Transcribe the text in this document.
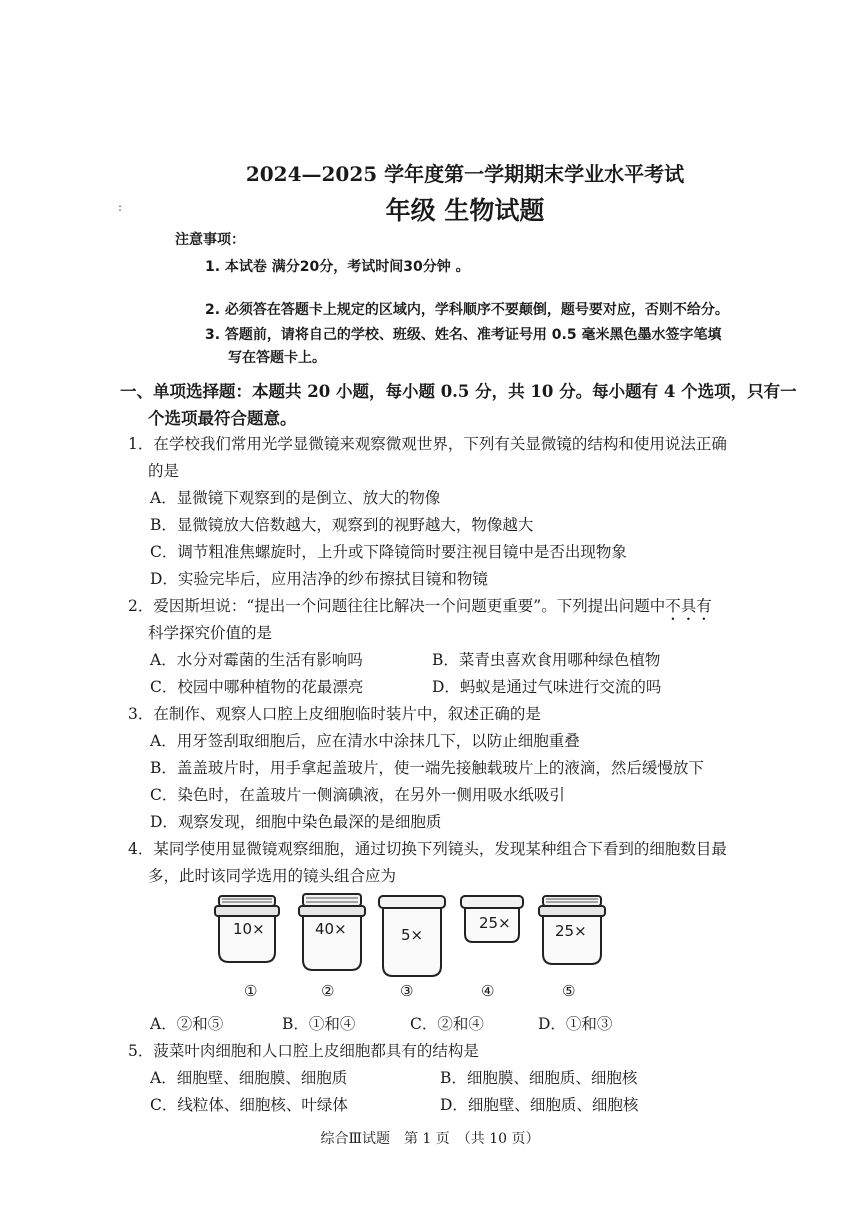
2024—2025 学年度第一学期期末学业水平考试
年级 生物试题
:
注意事项：
1. 本试卷 满分20分，考试时间30分钟 。
2. 必须答在答题卡上规定的区域内，学科顺序不要颠倒，题号要对应，否则不给分。
3. 答题前，请将自己的学校、班级、姓名、准考证号用 0.5 毫米黑色墨水签字笔填
写在答题卡上。
一、单项选择题：本题共 20 小题，每小题 0.5 分，共 10 分。每小题有 4 个选项，只有一
个选项最符合题意。
1．在学校我们常用光学显微镜来观察微观世界，下列有关显微镜的结构和使用说法正确
的是
A．显微镜下观察到的是倒立、放大的物像
B．显微镜放大倍数越大，观察到的视野越大，物像越大
C．调节粗准焦螺旋时，上升或下降镜筒时要注视目镜中是否出现物象
D．实验完毕后，应用洁净的纱布擦拭目镜和物镜
2．爱因斯坦说：“提出一个问题往往比解决一个问题更重要”。下列提出问题中不具有
科学探究价值的是
A．水分对霉菌的生活有影响吗	B．菜青虫喜欢食用哪种绿色植物
C．校园中哪种植物的花最漂亮	D．蚂蚁是通过气味进行交流的吗
3．在制作、观察人口腔上皮细胞临时装片中，叙述正确的是
A．用牙签刮取细胞后，应在清水中涂抹几下，以防止细胞重叠
B．盖盖玻片时，用手拿起盖玻片，使一端先接触载玻片上的液滴，然后缓慢放下
C．染色时，在盖玻片一侧滴碘液，在另外一侧用吸水纸吸引
D．观察发现，细胞中染色最深的是细胞质
4．某同学使用显微镜观察细胞，通过切换下列镜头，发现某种组合下看到的细胞数目最
多，此时该同学选用的镜头组合应为
10×	40×	5×
25×	25×
①	②	③	④	⑤
A．②和⑤	B．①和④	C．②和④	D．①和③
5．菠菜叶肉细胞和人口腔上皮细胞都具有的结构是
A．细胞壁、细胞膜、细胞质	B．细胞膜、细胞质、细胞核
C．线粒体、细胞核、叶绿体	D．细胞壁、细胞质、细胞核
综合Ⅲ试题　第 1 页　（共 10 页）
